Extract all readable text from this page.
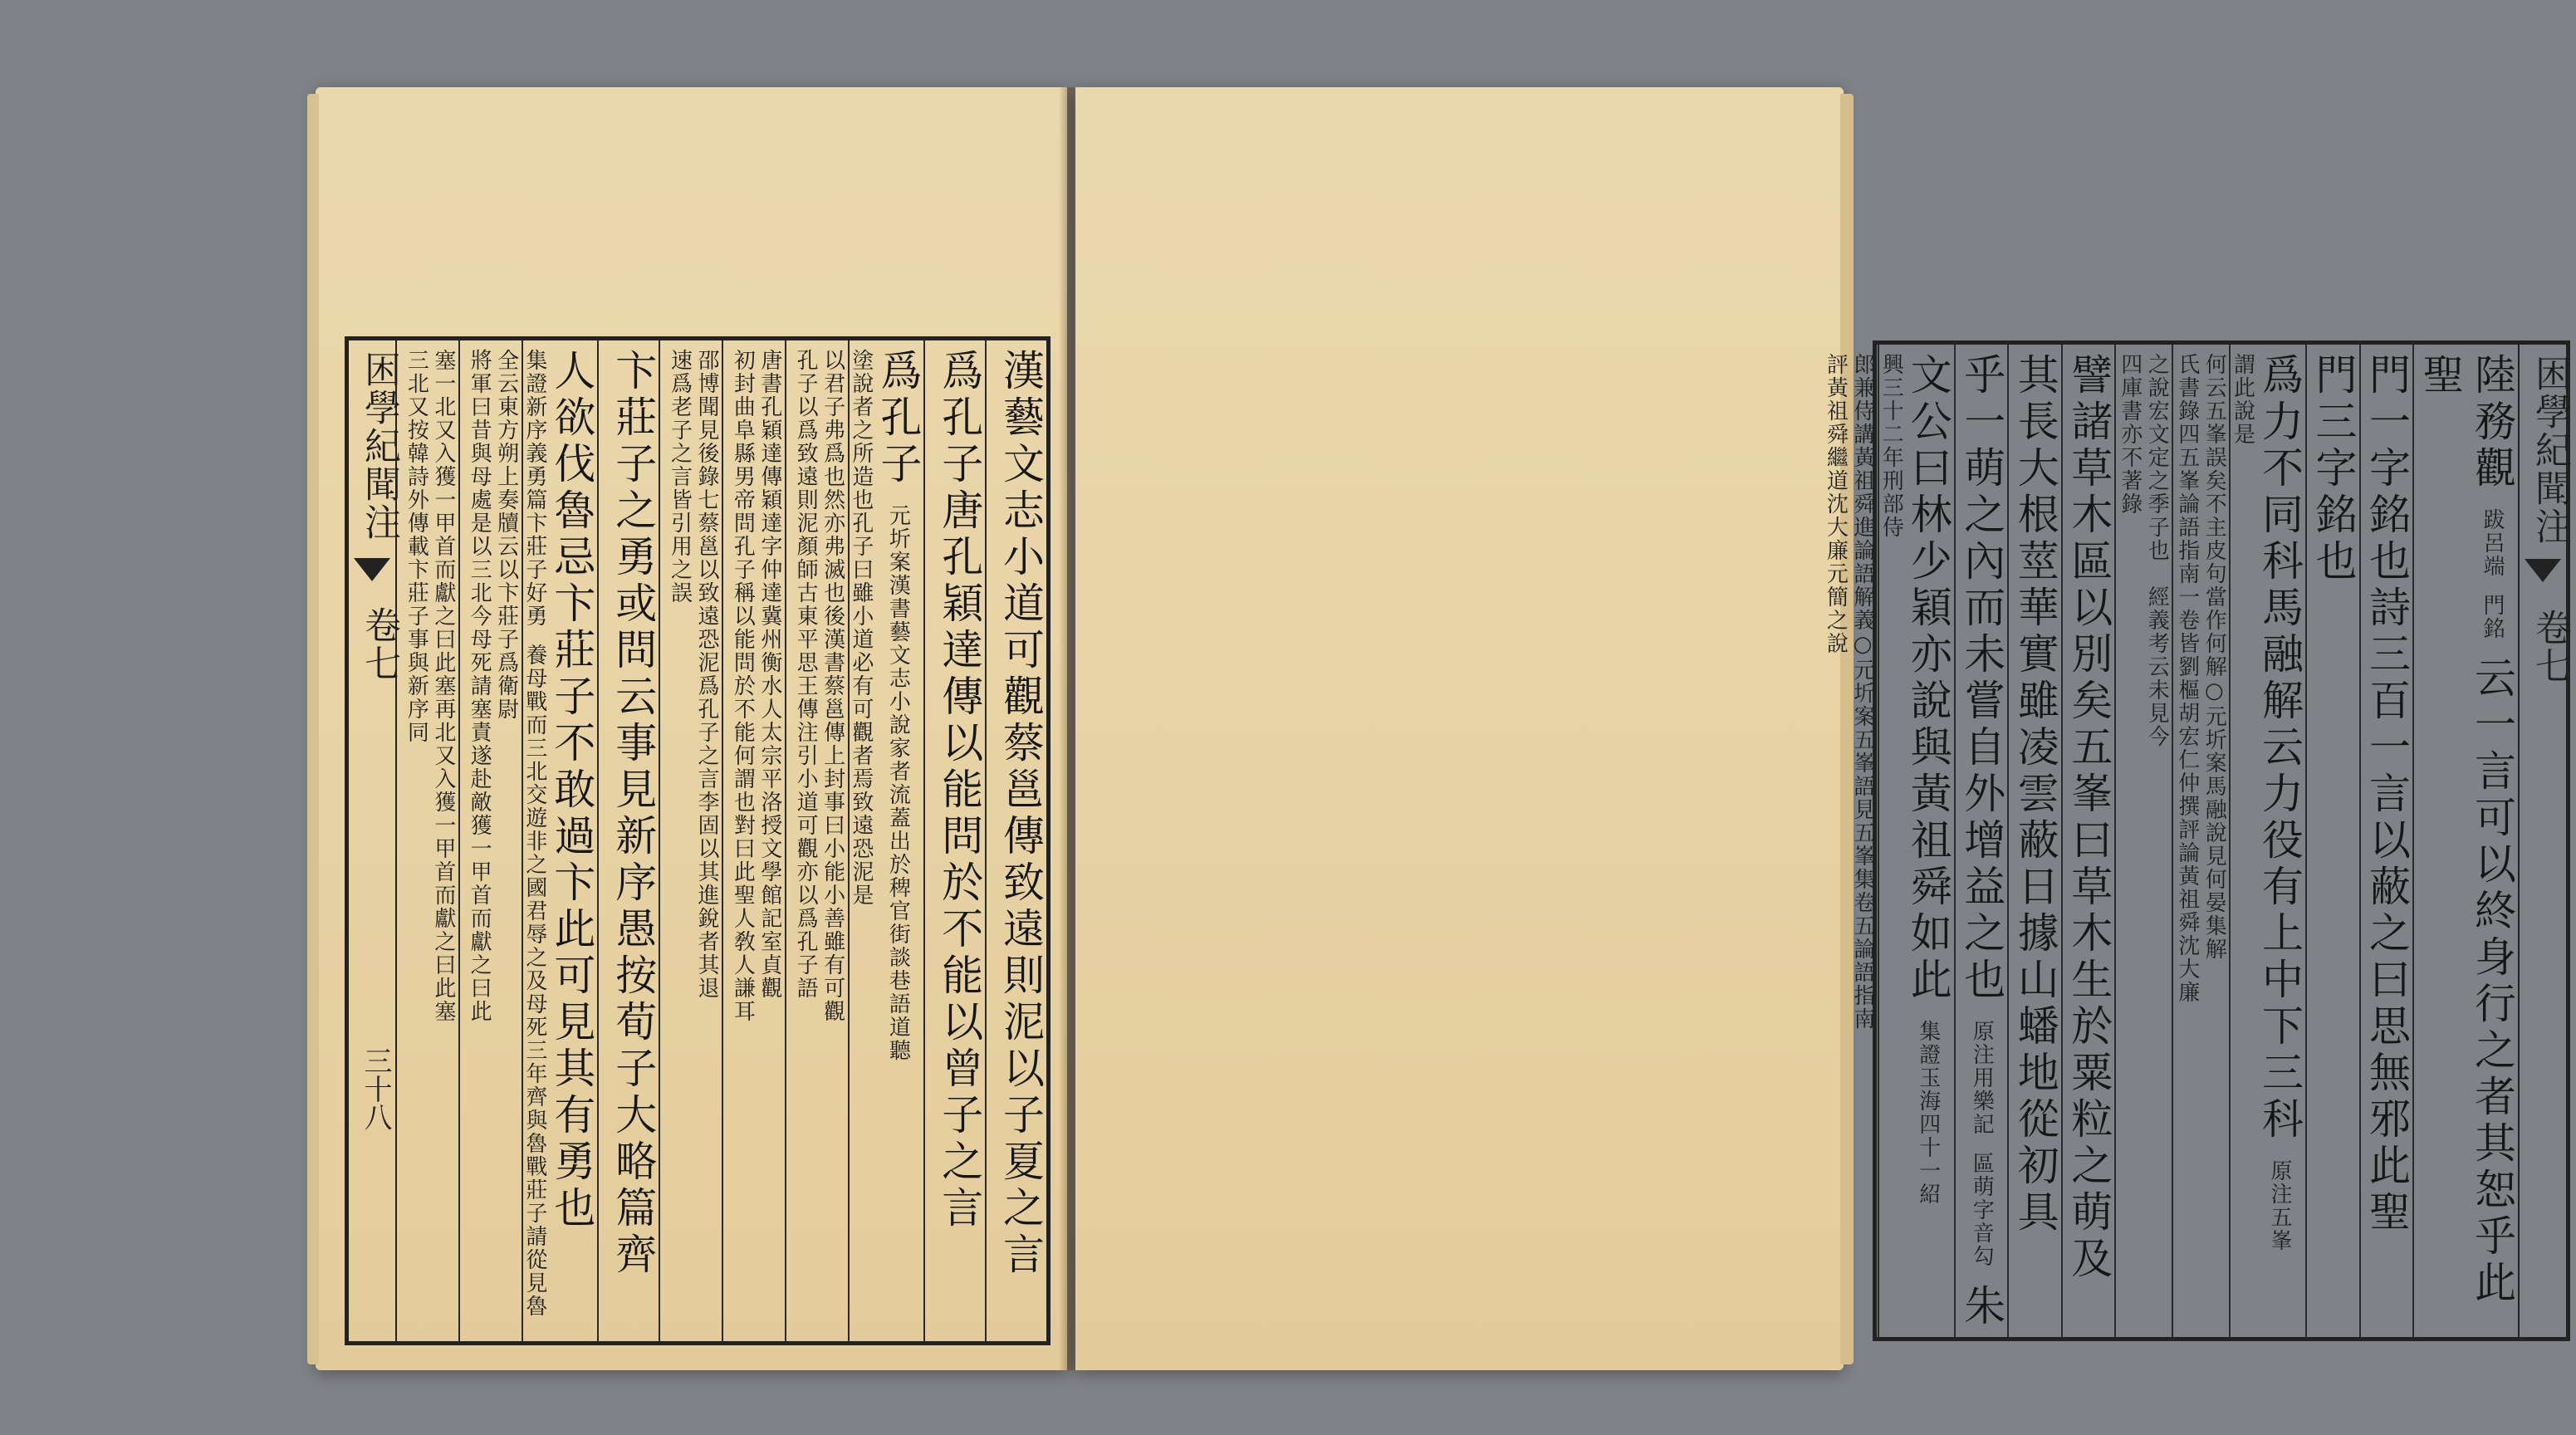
困學紀聞注
卷七
三十八	漢藝文志小道可觀蔡邕傳致遠則泥以子夏之言
爲孔子唐孔穎達傳以能問於不能以曾子之言
爲孔子 元圻案漢書藝文志小說家者流蓋出於稗官街談巷語道聽 塗說者之所造也孔子曰雖小道必有可觀者焉致遠恐泥是
以君子弗爲也然亦弗滅也後漢書蔡邕傳上封事曰小能小善雖有可觀
孔子以爲致遠則泥顏師古東平思王傳注引小道可觀亦以爲孔子語
唐書孔穎達傳穎達字仲達冀州衡水人太宗平洛授文學館記室貞觀
初封曲阜縣男帝問孔子稱以能問於不能何謂也對曰此聖人敎人謙耳
邵博聞見後錄七蔡邕以致遠恐泥爲孔子之言李固以其進銳者其退
速爲老子之言皆引用之誤
卞莊子之勇或問云事見新序愚按荀子大略篇齊
人欲伐魯忌卞莊子不敢過卞此可見其有勇也 集證新序義勇篇卞莊子好勇 養母戰而三北交遊非之國君辱之及母死三年齊與魯戰莊子請從見魯
全云東方朔上奏牘云以卞莊子爲衛尉
將軍曰昔與母處是以三北今母死請塞責遂赴敵獲一甲首而獻之曰此
塞一北又入獲一甲首而獻之曰此塞再北又入獲一甲首而獻之曰此塞
三北又按韓詩外傳載卞莊子事與新序同	困學紀聞注
卷七
陸務觀 跋呂端 門銘 云一言可以終身行之者其恕乎此聖
門一字銘也詩三百一言以蔽之曰思無邪此聖
門三字銘也
爲力不同科馬融解云力役有上中下三科 原注五峯 謂此說是
何云五峯誤矣不主皮句當作何解○元圻案馬融說見何晏集解
氏書錄四五峯論語指南一卷皆劉樞胡宏仁仲撰評論黃祖舜沈大廉
之說宏文定之季子也　經義考云未見今
四庫書亦不著錄
譬諸草木區以別矣五峯曰草木生於粟粒之萌及
其長大根莖華實雖凌雲蔽日據山蟠地從初具
乎一萌之內而未嘗自外增益之也 原注用樂記 區萌字音勾 朱
文公曰林少穎亦說與黃祖舜如此 集證玉海四十一紹 興三十二年刑部侍
郎兼侍講黃祖舜進論語解義○元圻案五峯語見五峯集卷五論語指南
評黃祖舜繼道沈大廉元簡之說
